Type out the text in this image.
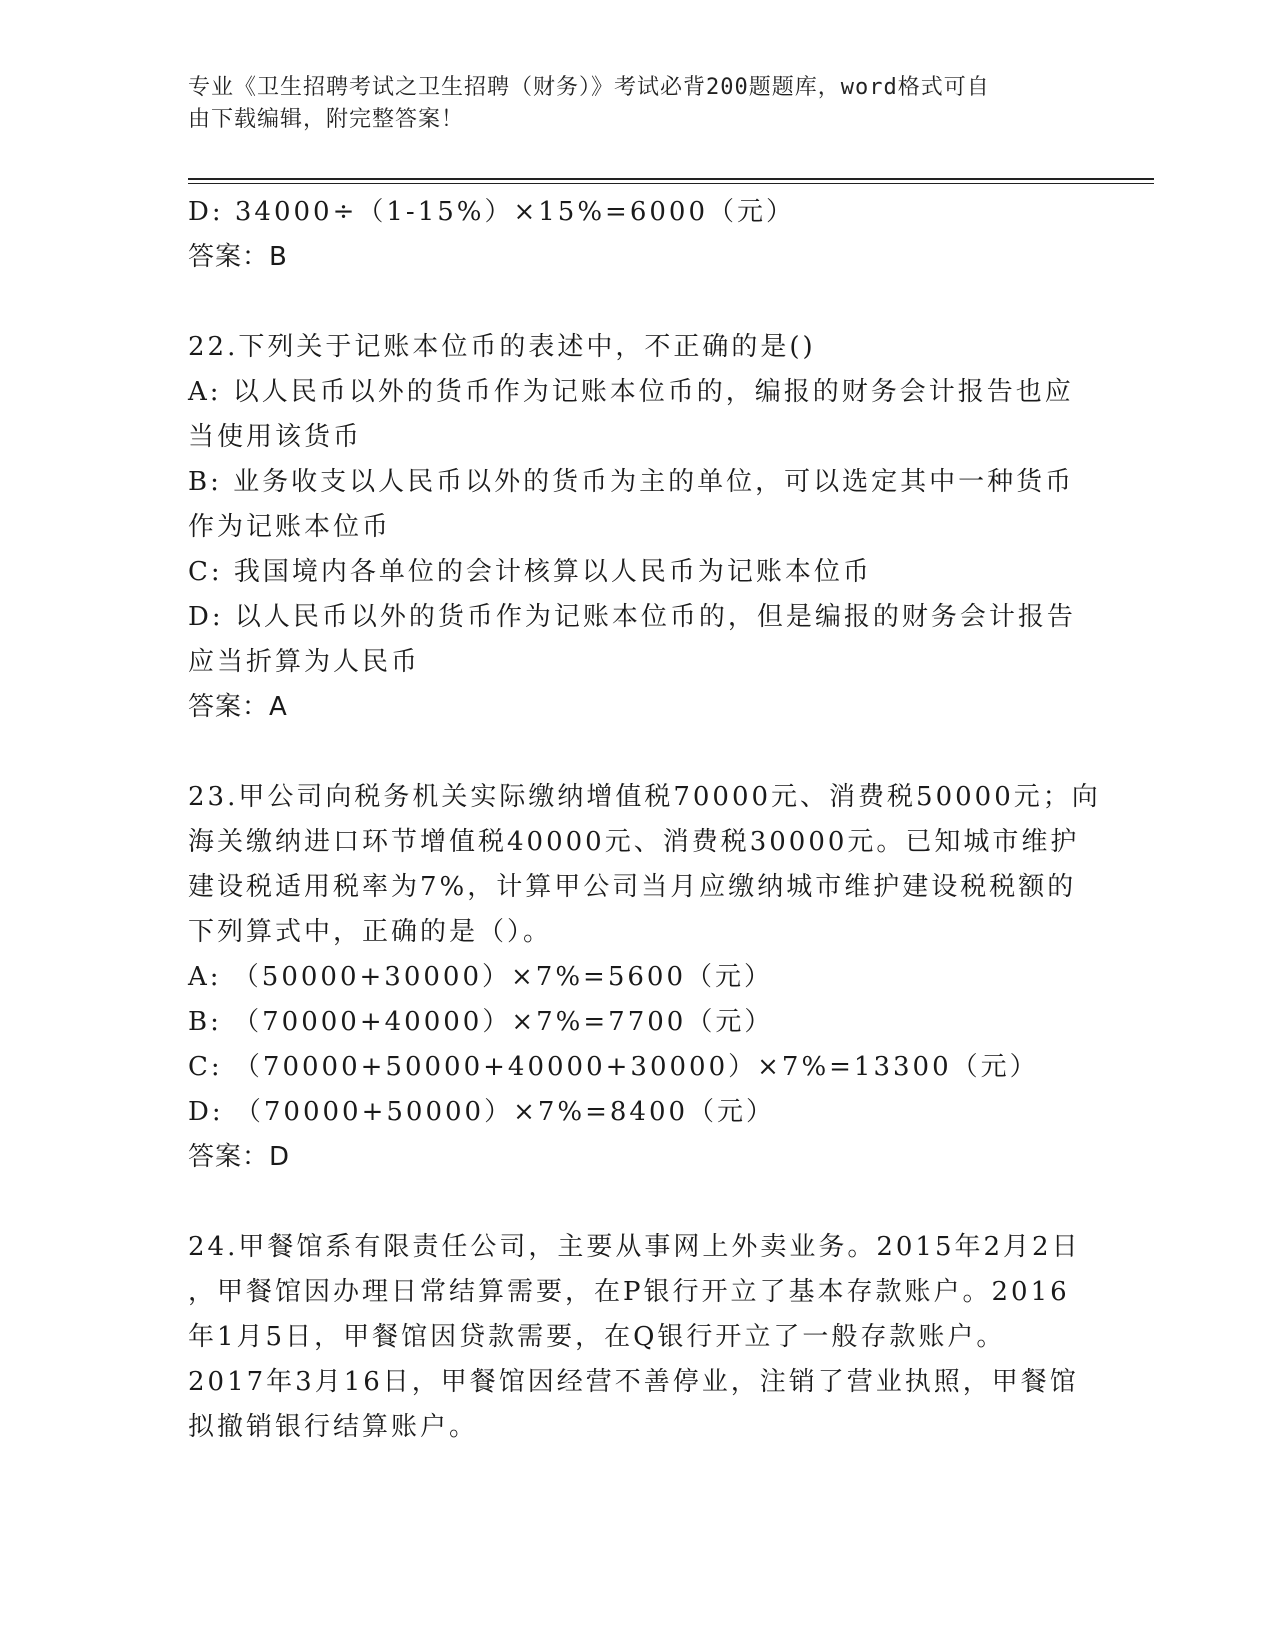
专业《卫生招聘考试之卫生招聘（财务）》考试必背200题题库，word格式可自
由下载编辑，附完整答案！
D: 34000÷（1-15%）×15%=6000（元）
答案：B
22.下列关于记账本位币的表述中，不正确的是()
A: 以人民币以外的货币作为记账本位币的，编报的财务会计报告也应
当使用该货币
B: 业务收支以人民币以外的货币为主的单位，可以选定其中一种货币
作为记账本位币
C: 我国境内各单位的会计核算以人民币为记账本位币
D: 以人民币以外的货币作为记账本位币的，但是编报的财务会计报告
应当折算为人民币
答案：A
23.甲公司向税务机关实际缴纳增值税70000元、消费税50000元；向
海关缴纳进口环节增值税40000元、消费税30000元。已知城市维护
建设税适用税率为7%，计算甲公司当月应缴纳城市维护建设税税额的
下列算式中，正确的是（）。
A: （50000+30000）×7%=5600（元）
B: （70000+40000）×7%=7700（元）
C: （70000+50000+40000+30000）×7%=13300（元）
D: （70000+50000）×7%=8400（元）
答案：D
24.甲餐馆系有限责任公司，主要从事网上外卖业务。2015年2月2日
，甲餐馆因办理日常结算需要，在P银行开立了基本存款账户。2016
年1月5日，甲餐馆因贷款需要，在Q银行开立了一般存款账户。
2017年3月16日，甲餐馆因经营不善停业，注销了营业执照，甲餐馆
拟撤销银行结算账户。
